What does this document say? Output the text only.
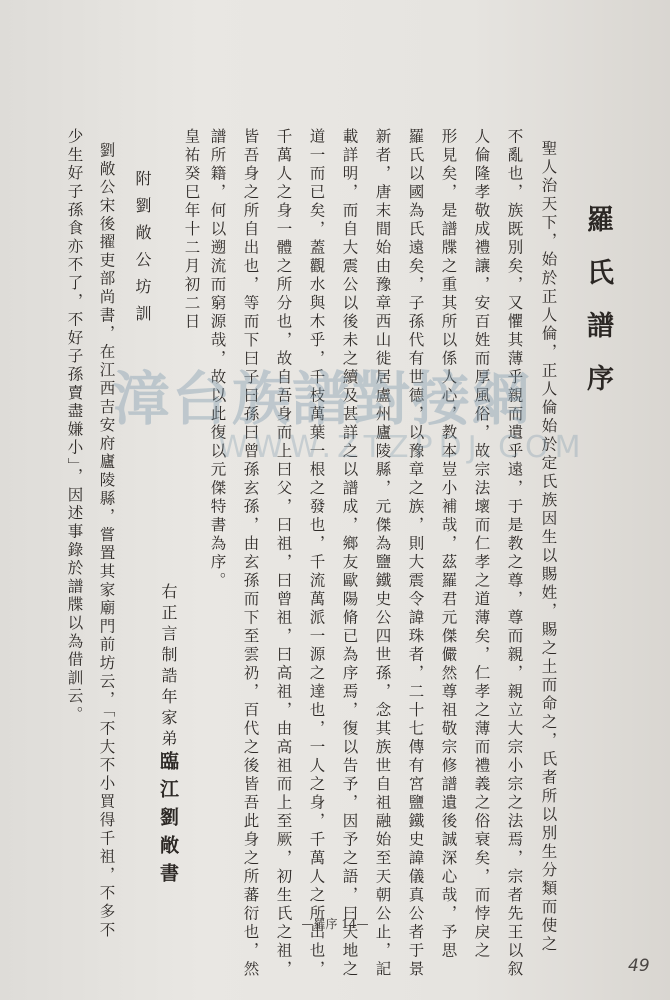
羅氏譜序
聖人治天下，始於正人倫，正人倫始於定氏族因生以賜姓，賜之土而命之，氏者所以別生分類而使之
不亂也，族既別矣，又懼其薄乎親而遺乎遠，于是教之尊，尊而親，親立大宗小宗之法焉，宗者先王以叙
人倫隆孝敬成禮讓，安百姓而厚風俗，故宗法壞而仁孝之道薄矣，仁孝之薄而禮義之俗衰矣，而悖戾之
形見矣，是譜牒之重其所以係人心，教本豈小補哉，茲羅君元傑儼然尊祖敬宗修譜遺後誠深心哉，予思
羅氏以國為氏遠矣，子孫代有世德，以豫章之族，則大震令諱珠者，二十七傳有宮鹽鐵史諱儀真公者于景
新者，唐末間始由豫章西山徙居盧州廬陵縣，元傑為鹽鐵史公四世孫，念其族世自祖融始至天朝公止，記
載詳明，而自大震公以後未之續及甚詳之以譜成，鄉友歐陽脩已為序焉，復以告予，因予之語，曰天地之
道一而已矣，蓋觀水與木乎，千枝萬葉一根之發也，千流萬派一源之達也，一人之身，千萬人之所出也，
千萬人之身一體之所分也，故自吾身而上曰父，曰祖，曰曾祖，曰高祖，由高祖而上至厥，初生氏之祖，
皆吾身之所自出也，等而下曰子曰孫曰曾孫玄孫，由玄孫而下至雲礽，百代之後皆吾此身之所蕃衍也，然
譜所籍，何以遡流而窮源哉，故以此復以元傑特書為序。
皇祐癸巳年十二月初二日
右正言制誥年家弟臨江劉敞書
附劉敞公坊訓
劉敞公宋後擢吏部尚書，在江西吉安府廬陵縣，嘗置其家廟門前坊云，「不大不小買得千祖，不多不
少生好子孫食亦不了，不好子孫賣盡嫌小」，因述事錄於譜牒以為借訓云。
—羅序 14—
49
漳台族譜對接網
WWW.ZTZPDJ.COM
